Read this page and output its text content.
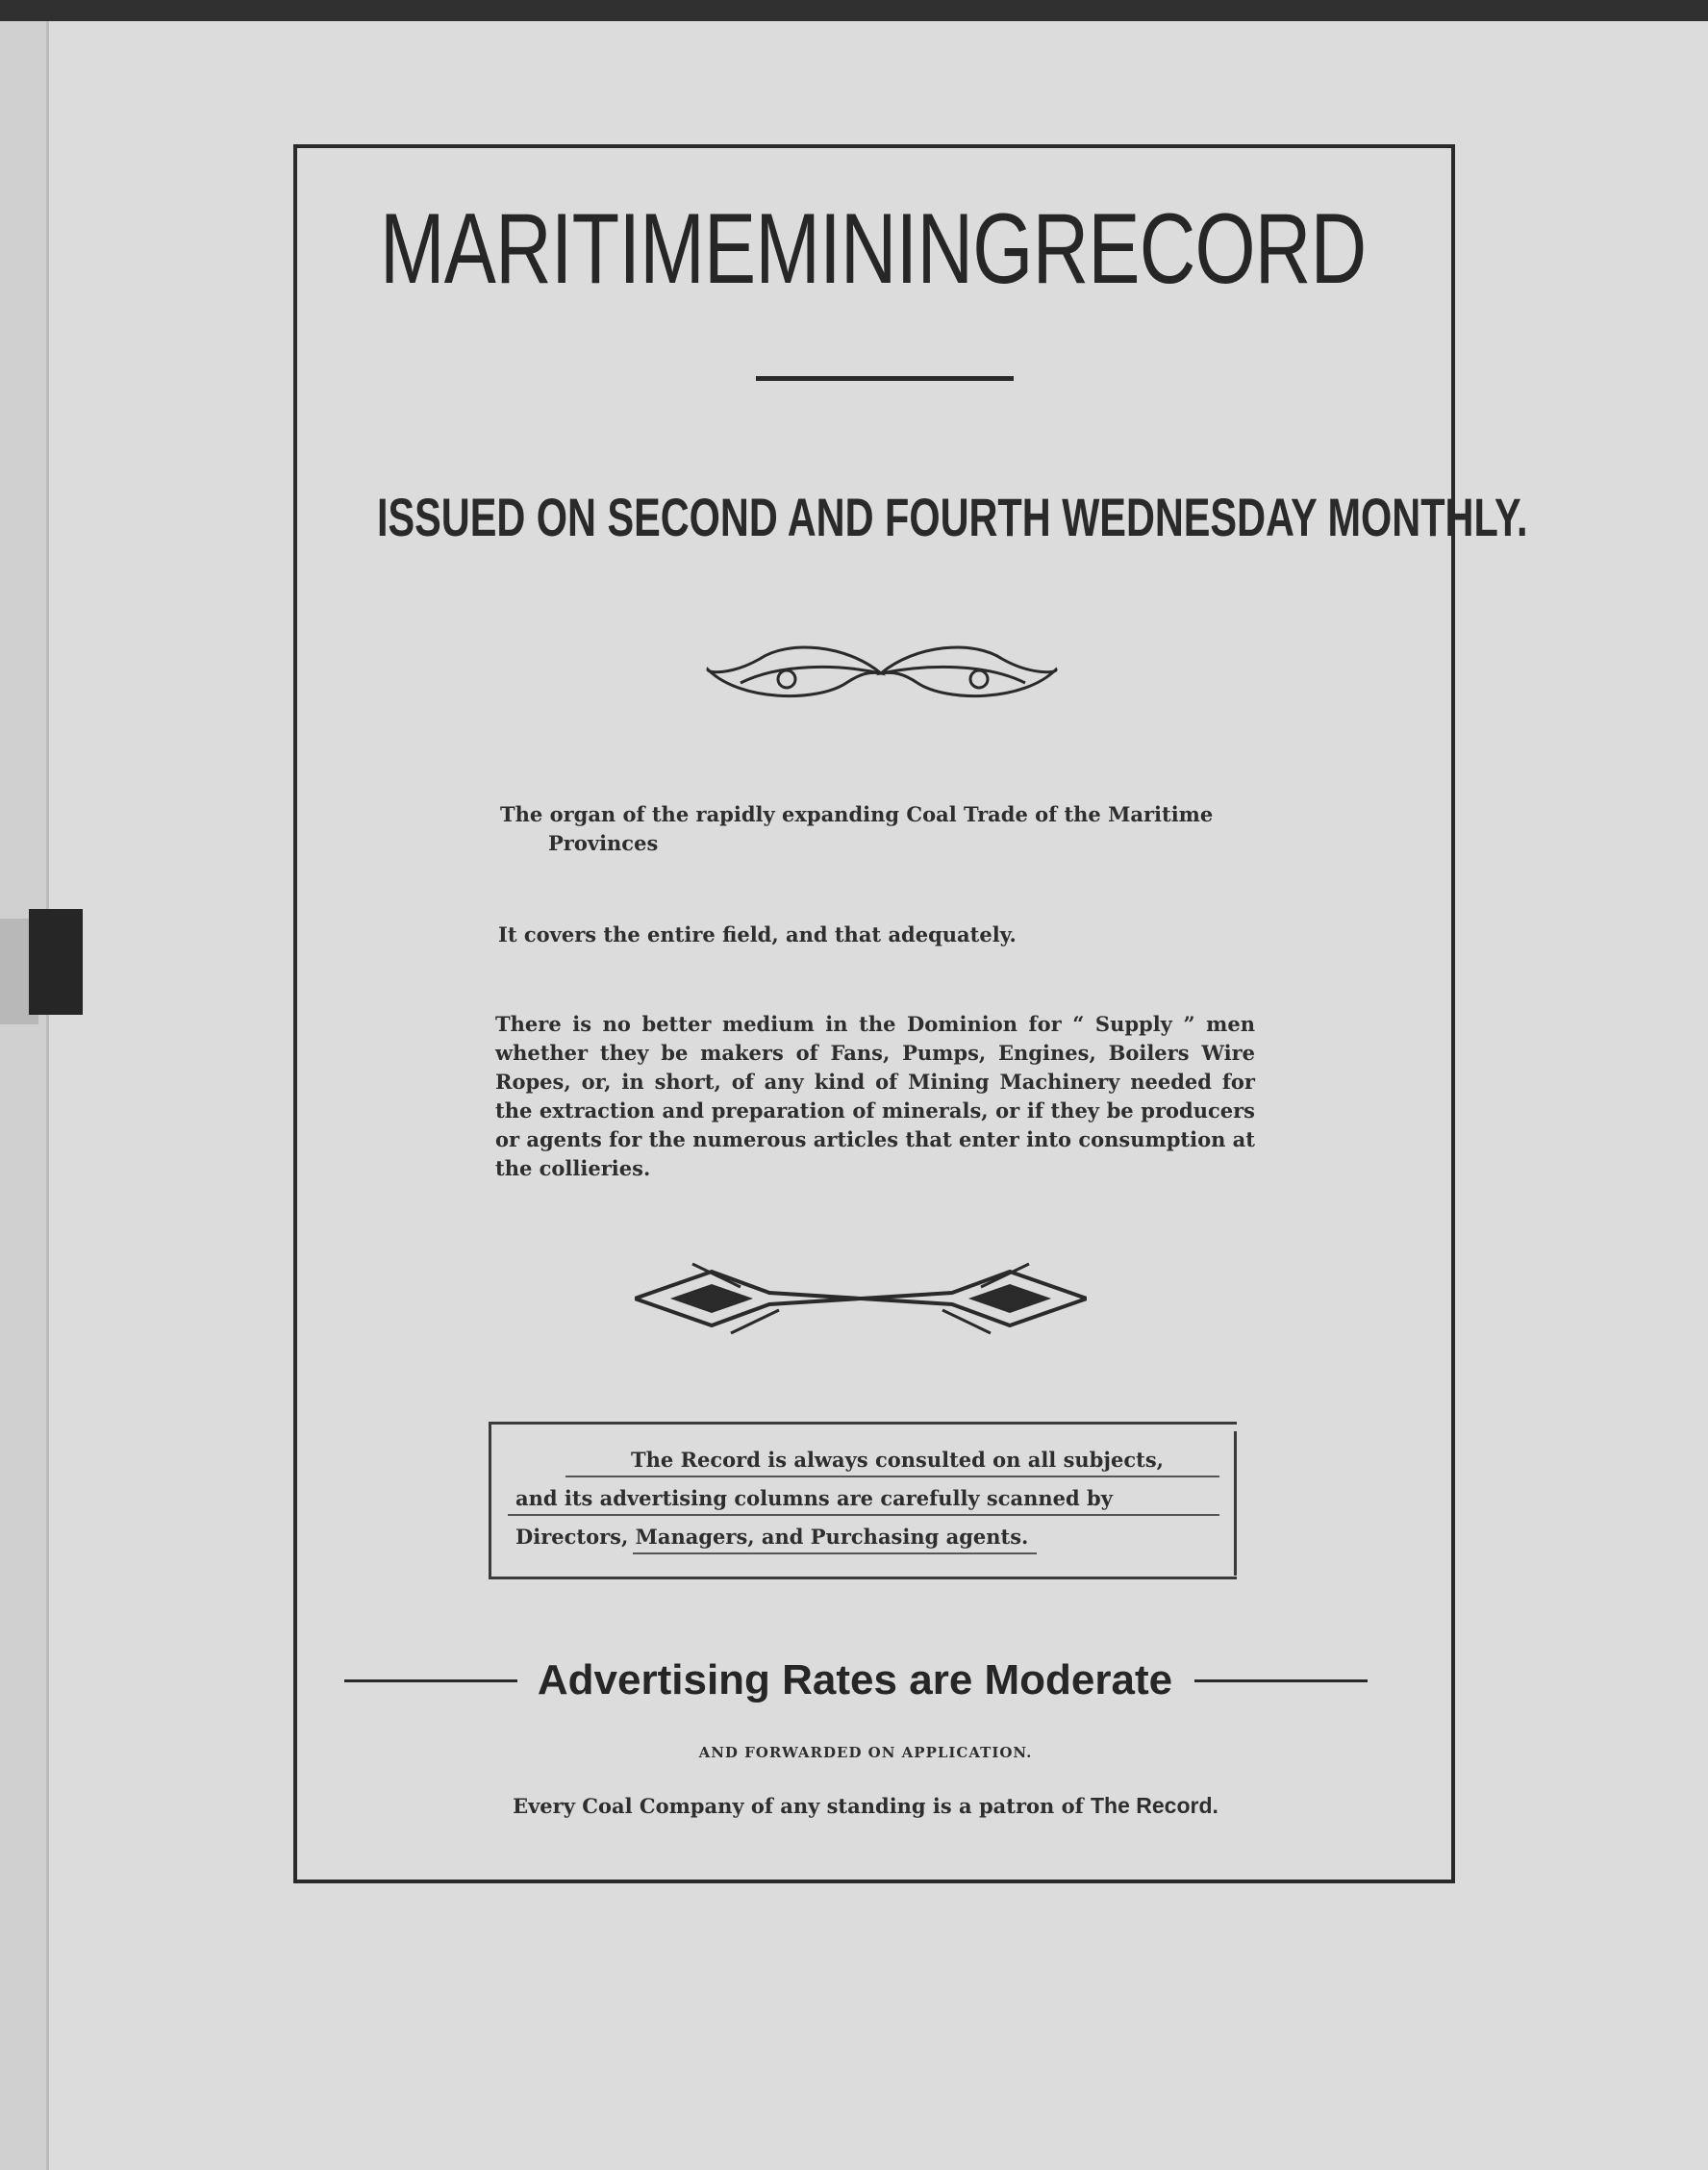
MARITIME MINING RECORD
ISSUED ON SECOND AND FOURTH WEDNESDAY MONTHLY.
The organ of the rapidly expanding Coal Trade of the Maritime
Provinces
It covers the entire field, and that adequately.
There is no better medium in the Dominion for “ Supply ” men whether they be makers of Fans, Pumps, Engines, Boilers Wire Ropes, or, in short, of any kind of Mining Machinery needed for the extraction and preparation of minerals, or if they be producers or agents for the numerous articles that enter into consumption at the collieries.
The Record is always consulted on all subjects,
and its advertising columns are carefully scanned by
Directors, Managers, and Purchasing agents.
Advertising Rates are Moderate
AND FORWARDED ON APPLICATION.
Every Coal Company of any standing is a patron of The Record.
